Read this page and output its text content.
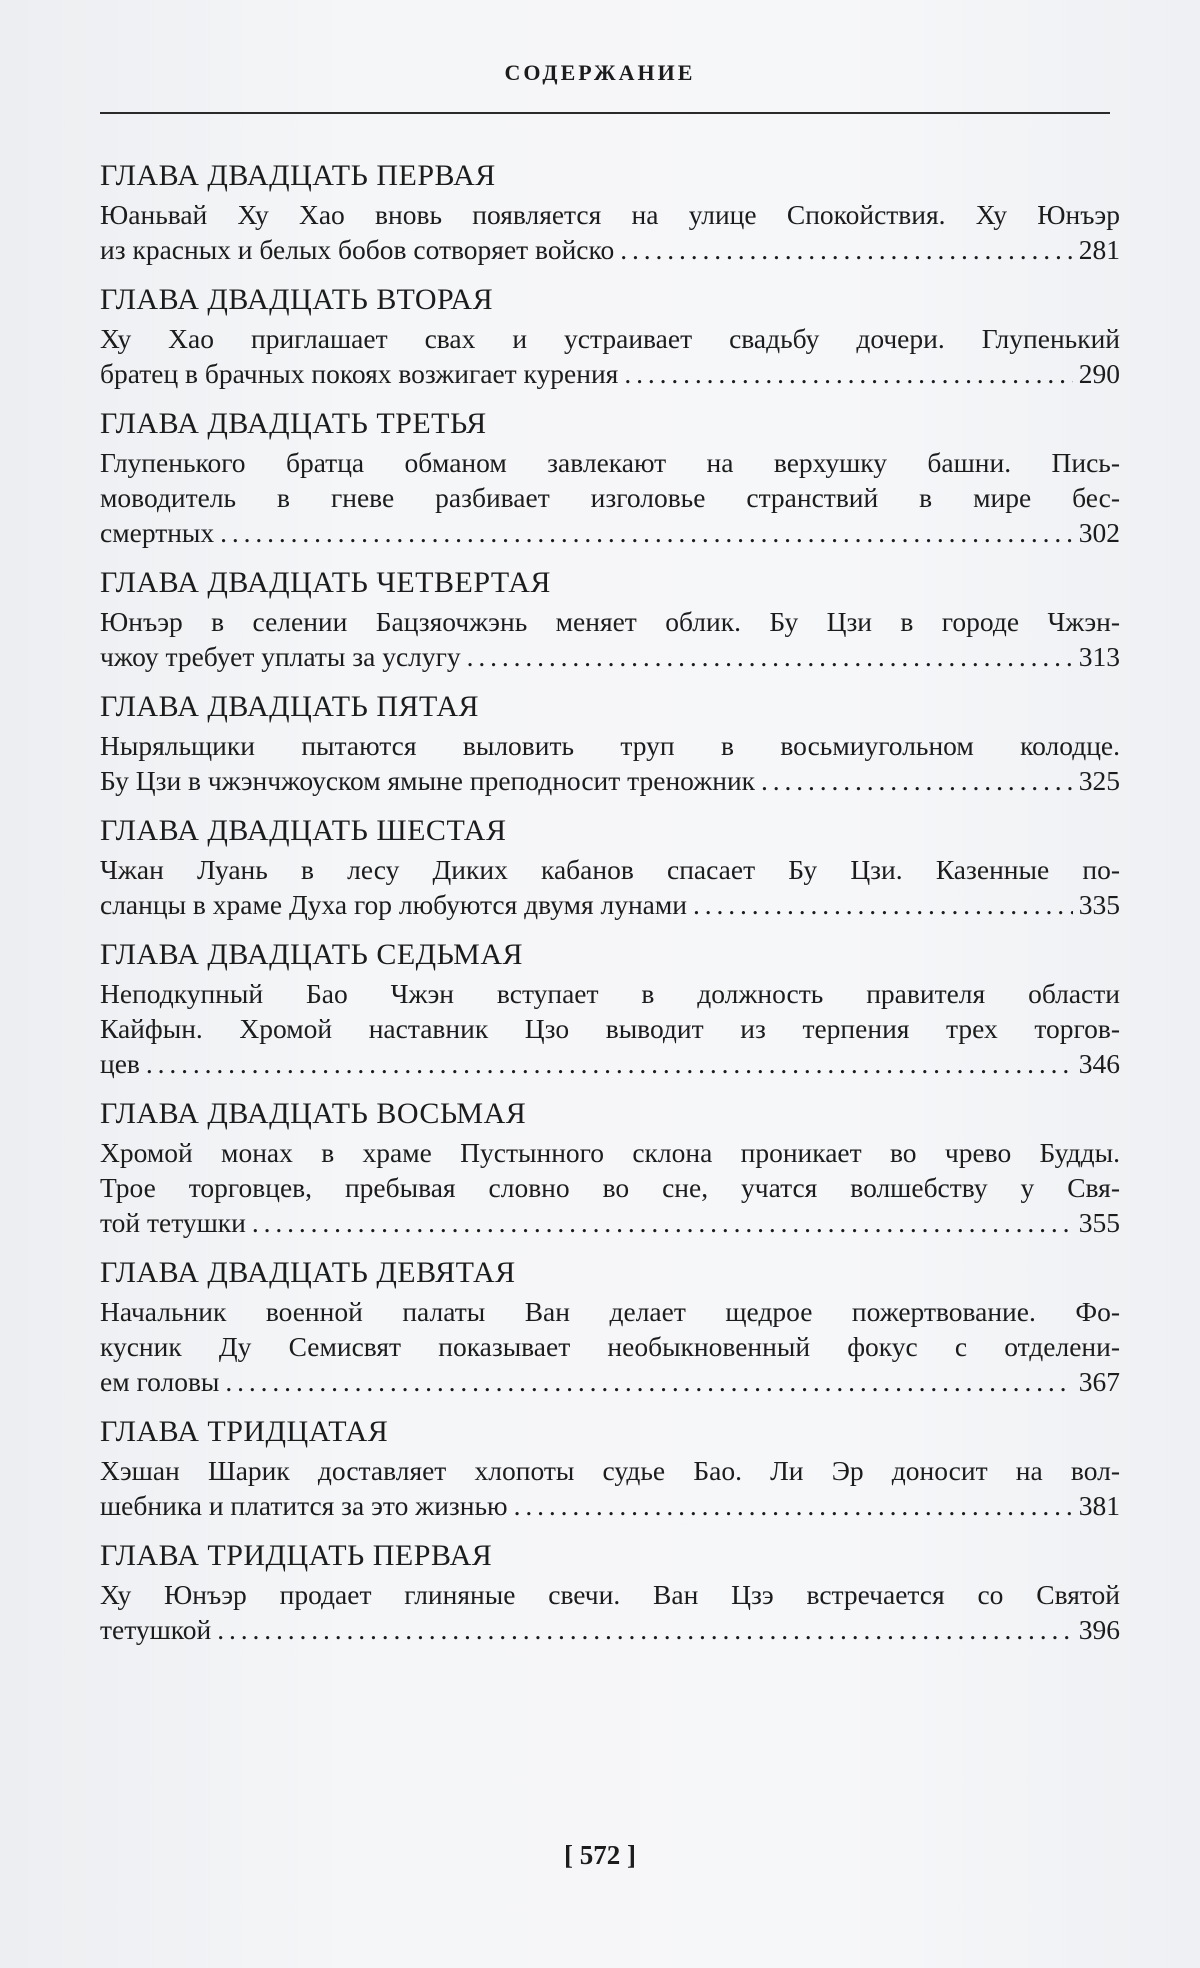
СОДЕРЖАНИЕ
ГЛАВА ДВАДЦАТЬ ПЕРВАЯ
Юаньвай Ху Хао вновь появляется на улице Спокойствия. Ху Юнъэр
из красных и белых бобов сотворяет войско . . .	281
ГЛАВА ДВАДЦАТЬ ВТОРАЯ
Ху Хао приглашает свах и устраивает свадьбу дочери. Глупенький
братец в брачных покоях возжигает курения . . .	290
ГЛАВА ДВАДЦАТЬ ТРЕТЬЯ
Глупенького братца обманом завлекают на верхушку башни. Пись-
моводитель в гневе разбивает изголовье странствий в мире бес-
смертных . . .	302
ГЛАВА ДВАДЦАТЬ ЧЕТВЕРТАЯ
Юнъэр в селении Бацзяочжэнь меняет облик. Бу Цзи в городе Чжэн-
чжоу требует уплаты за услугу . . .	313
ГЛАВА ДВАДЦАТЬ ПЯТАЯ
Ныряльщики пытаются выловить труп в восьмиугольном колодце.
Бу Цзи в чжэнчжоуском ямыне преподносит треножник . . .	325
ГЛАВА ДВАДЦАТЬ ШЕСТАЯ
Чжан Луань в лесу Диких кабанов спасает Бу Цзи. Казенные по-
сланцы в храме Духа гор любуются двумя лунами . . .	335
ГЛАВА ДВАДЦАТЬ СЕДЬМАЯ
Неподкупный Бао Чжэн вступает в должность правителя области
Кайфын. Хромой наставник Цзо выводит из терпения трех торгов-
цев . . .	346
ГЛАВА ДВАДЦАТЬ ВОСЬМАЯ
Хромой монах в храме Пустынного склона проникает во чрево Будды.
Трое торговцев, пребывая словно во сне, учатся волшебству у Свя-
той тетушки . . .	355
ГЛАВА ДВАДЦАТЬ ДЕВЯТАЯ
Начальник военной палаты Ван делает щедрое пожертвование. Фо-
кусник Ду Семисвят показывает необыкновенный фокус с отделени-
ем головы . . .	367
ГЛАВА ТРИДЦАТАЯ
Хэшан Шарик доставляет хлопоты судье Бао. Ли Эр доносит на вол-
шебника и платится за это жизнью . . .	381
ГЛАВА ТРИДЦАТЬ ПЕРВАЯ
Ху Юнъэр продает глиняные свечи. Ван Цзэ встречается со Святой
тетушкой . . .	396
[ 572 ]
